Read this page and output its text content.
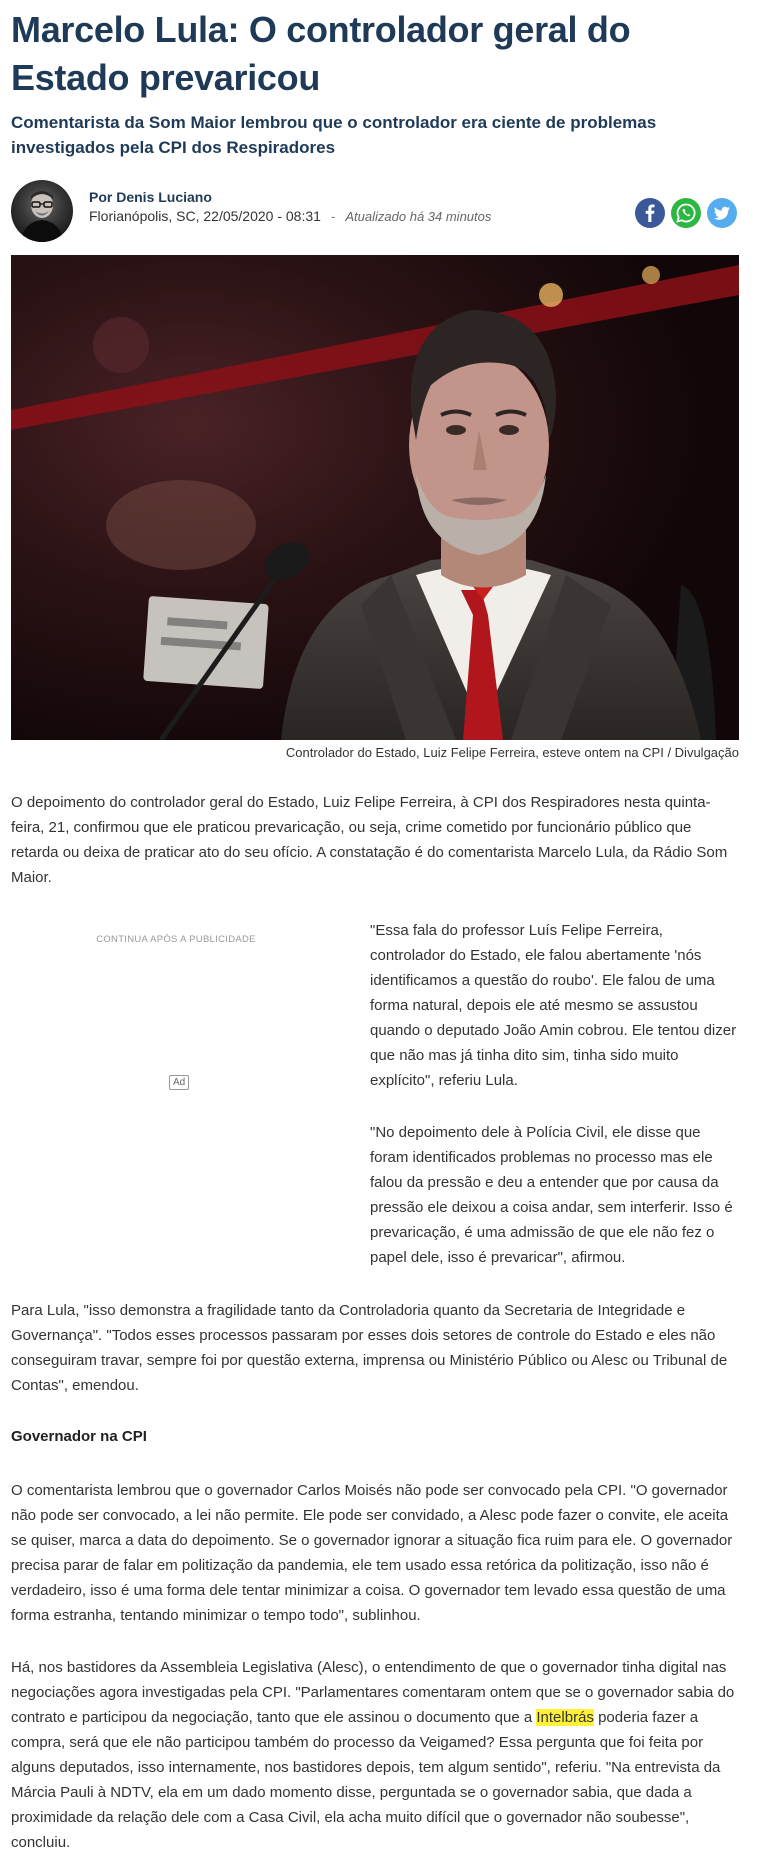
Marcelo Lula: O controlador geral do Estado prevaricou
Comentarista da Som Maior lembrou que o controlador era ciente de problemas investigados pela CPI dos Respiradores
Por Denis Luciano
Florianópolis, SC, 22/05/2020 - 08:31 - Atualizado há 34 minutos
Controlador do Estado, Luiz Felipe Ferreira, esteve ontem na CPI / Divulgação

O depoimento do controlador geral do Estado, Luiz Felipe Ferreira, à CPI dos Respiradores nesta quinta-feira, 21, confirmou que ele praticou prevaricação, ou seja, crime cometido por funcionário público que retarda ou deixa de praticar ato do seu ofício. A constatação é do comentarista Marcelo Lula, da Rádio Som Maior.

CONTINUA APÓS A PUBLICIDADE
Ad

"Essa fala do professor Luís Felipe Ferreira, controlador do Estado, ele falou abertamente 'nós identificamos a questão do roubo'. Ele falou de uma forma natural, depois ele até mesmo se assustou quando o deputado João Amin cobrou. Ele tentou dizer que não mas já tinha dito sim, tinha sido muito explícito", referiu Lula.

"No depoimento dele à Polícia Civil, ele disse que foram identificados problemas no processo mas ele falou da pressão e deu a entender que por causa da pressão ele deixou a coisa andar, sem interferir. Isso é prevaricação, é uma admissão de que ele não fez o papel dele, isso é prevaricar", afirmou.

Para Lula, "isso demonstra a fragilidade tanto da Controladoria quanto da Secretaria de Integridade e Governança". "Todos esses processos passaram por esses dois setores de controle do Estado e eles não conseguiram travar, sempre foi por questão externa, imprensa ou Ministério Público ou Alesc ou Tribunal de Contas", emendou.

Governador na CPI

O comentarista lembrou que o governador Carlos Moisés não pode ser convocado pela CPI. "O governador não pode ser convocado, a lei não permite. Ele pode ser convidado, a Alesc pode fazer o convite, ele aceita se quiser, marca a data do depoimento. Se o governador ignorar a situação fica ruim para ele. O governador precisa parar de falar em politização da pandemia, ele tem usado essa retórica da politização, isso não é verdadeiro, isso é uma forma dele tentar minimizar a coisa. O governador tem levado essa questão de uma forma estranha, tentando minimizar o tempo todo", sublinhou.

Há, nos bastidores da Assembleia Legislativa (Alesc), o entendimento de que o governador tinha digital nas negociações agora investigadas pela CPI. "Parlamentares comentaram ontem que se o governador sabia do contrato e participou da negociação, tanto que ele assinou o documento que a Intelbrás poderia fazer a compra, será que ele não participou também do processo da Veigamed? Essa pergunta que foi feita por alguns deputados, isso internamente, nos bastidores depois, tem algum sentido", referiu. "Na entrevista da Márcia Pauli à NDTV, ela em um dado momento disse, perguntada se o governador sabia, que dada a proximidade da relação dele com a Casa Civil, ela acha muito difícil que o governador não soubesse", concluiu.
